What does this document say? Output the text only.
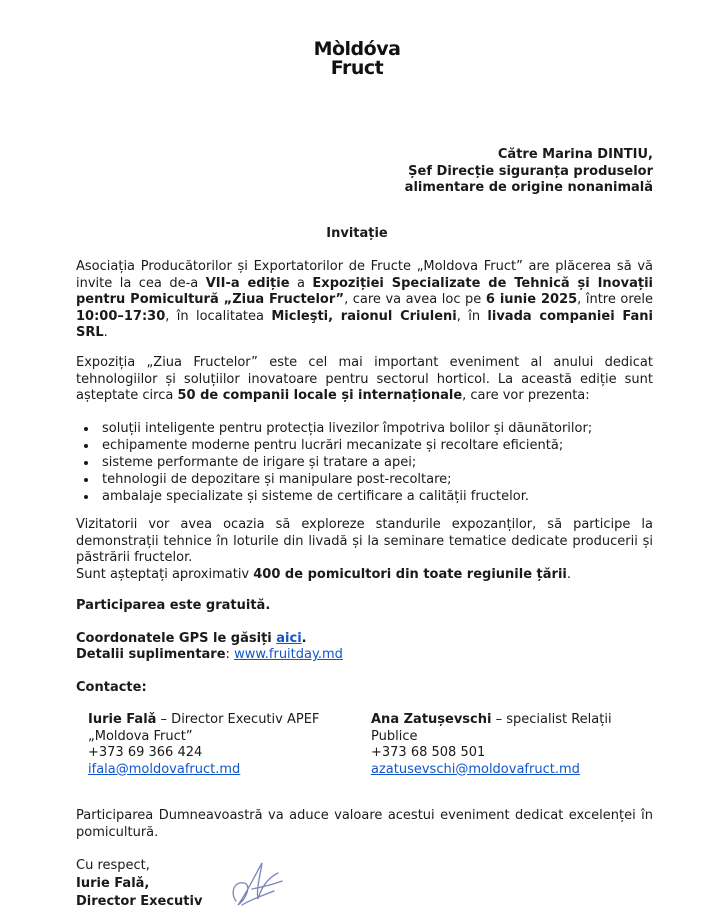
Mòldóva
Fruct
Către Marina DINTIU,
Șef Direcție siguranța produselor
alimentare de origine nonanimală
Invitație
Asociația Producătorilor și Exportatorilor de Fructe „Moldova Fruct” are plăcerea să vă invite la cea de-a VII-a ediție a Expoziției Specializate de Tehnică și Inovații pentru Pomicultură „Ziua Fructelor”, care va avea loc pe 6 iunie 2025, între orele 10:00–17:30, în localitatea Micleşti, raionul Criuleni, în livada companiei Fani SRL.
Expoziția „Ziua Fructelor” este cel mai important eveniment al anului dedicat tehnologiilor și soluțiilor inovatoare pentru sectorul horticol. La această ediție sunt așteptate circa 50 de companii locale și internaționale, care vor prezenta:
• soluții inteligente pentru protecția livezilor împotriva bolilor și dăunătorilor;
• echipamente moderne pentru lucrări mecanizate și recoltare eficientă;
• sisteme performante de irigare și tratare a apei;
• tehnologii de depozitare și manipulare post-recoltare;
• ambalaje specializate și sisteme de certificare a calității fructelor.
Vizitatorii vor avea ocazia să exploreze standurile expozanților, să participe la demonstrații tehnice în loturile din livadă și la seminare tematice dedicate producerii și păstrării fructelor.
Sunt așteptați aproximativ 400 de pomicultori din toate regiunile țării.
Participarea este gratuită.
Coordonatele GPS le găsiți aici.
Detalii suplimentare: www.fruitday.md
Contacte:
Iurie Falǎ – Director Executiv APEF „Moldova Fruct”
+373 69 366 424
ifala@moldovafruct.md
Ana Zatușevschi – specialist Relații Publice
+373 68 508 501
azatusevschi@moldovafruct.md
Participarea Dumneavoastră va aduce valoare acestui eveniment dedicat excelenței în pomicultură.
Cu respect,
Iurie Falǎ,
Director Executiv
